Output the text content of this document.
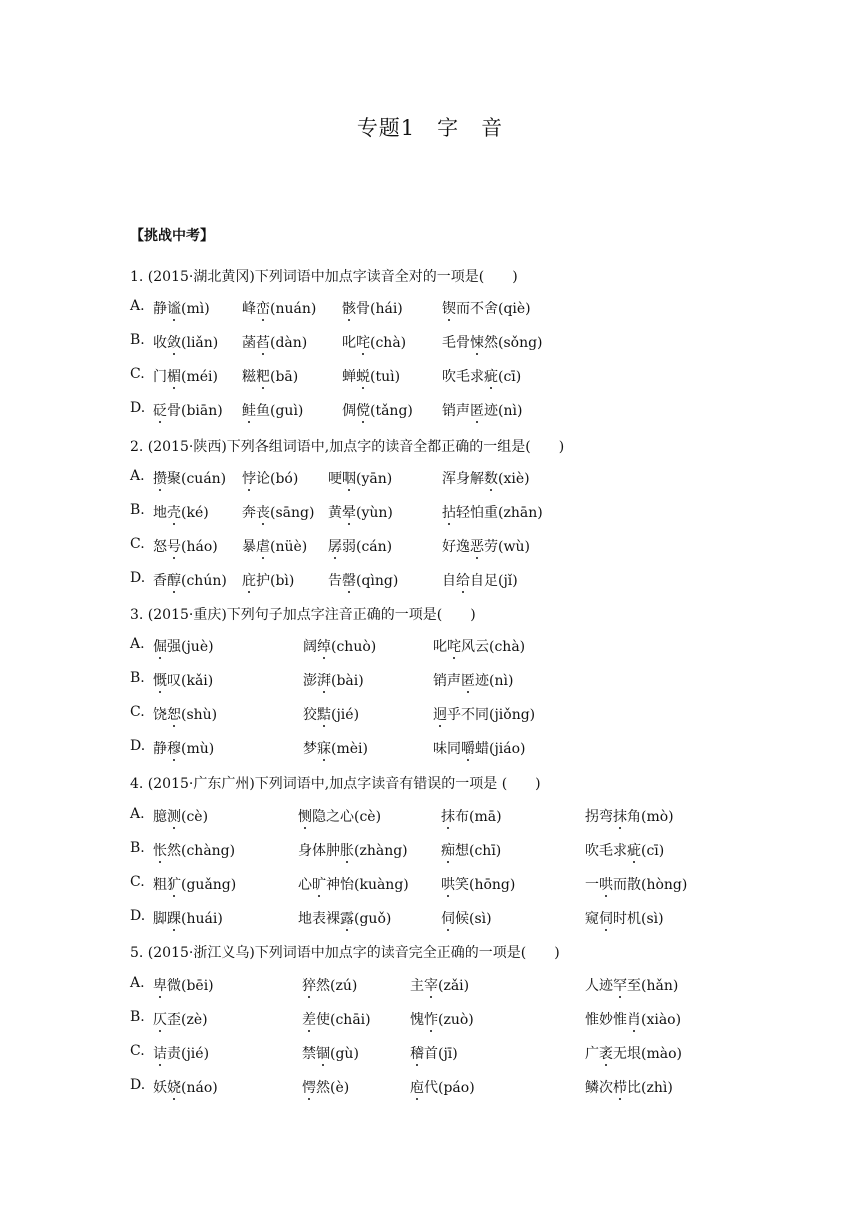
专题1　字　音
【挑战中考】
1. (2015·湖北黄冈)下列词语中加点字读音全对的一项是(　　)
A. 静谧(mì) 峰峦(nuán) 骸骨(hái)	锲而不舍(qiè)
B. 收敛(liǎn) 菡萏(dàn) 叱咤(chà)	毛骨悚然(sǒng)
C. 门楣(méi) 糍粑(bā)	蝉蜕(tuì)	吹毛求疵(cī)
D. 砭骨(biān) 鲑鱼(guì)	倜傥(tǎng) 销声匿迹(nì)
2. (2015·陕西)下列各组词语中,加点字的读音全都正确的一组是(　　)
A. 攒聚(cuán) 悖论(bó) 哽咽(yān)	浑身解数(xiè)
B. 地壳(ké) 奔丧(sāng) 黄晕(yùn)	拈轻怕重(zhān)
C. 怒号(háo) 暴虐(nüè) 孱弱(cán)	好逸恶劳(wù)
D. 香醇(chún) 庇护(bì) 告罄(qìng)	自给自足(jǐ)
3. (2015·重庆)下列句子加点字注音正确的一项是(　　)
A. 倔强(juè)	阔绰(chuò)	叱咤风云(chà)
B. 慨叹(kǎi)	澎湃(bài)	销声匿迹(nì)
C. 饶恕(shù)	狡黠(jié)	迥乎不同(jiǒng)
D. 静穆(mù)	梦寐(mèi)	味同嚼蜡(jiáo)
4. (2015·广东广州)下列词语中,加点字读音有错误的一项是 (　　)
A. 臆测(cè)	恻隐之心(cè)	抹布(mā)	拐弯抹角(mò)
B. 怅然(chàng)	身体肿胀(zhàng) 痴想(chī)	吹毛求疵(cī)
C. 粗犷(guǎng)	心旷神怡(kuàng) 哄笑(hōng)	一哄而散(hòng)
D. 脚踝(huái)	地表裸露(guǒ)	伺候(sì)	窥伺时机(sì)
5. (2015·浙江义乌)下列词语中加点字的读音完全正确的一项是(　　)
A. 卑微(bēi)	猝然(zú)	主宰(zǎi)	人迹罕至(hǎn)
B. 仄歪(zè)	差使(chāi)	愧怍(zuò)	惟妙惟肖(xiào)
C. 诘责(jié)	禁锢(gù)	稽首(jī)	广袤无垠(mào)
D. 妖娆(náo)	愕然(è)	庖代(páo)	鳞次栉比(zhì)
